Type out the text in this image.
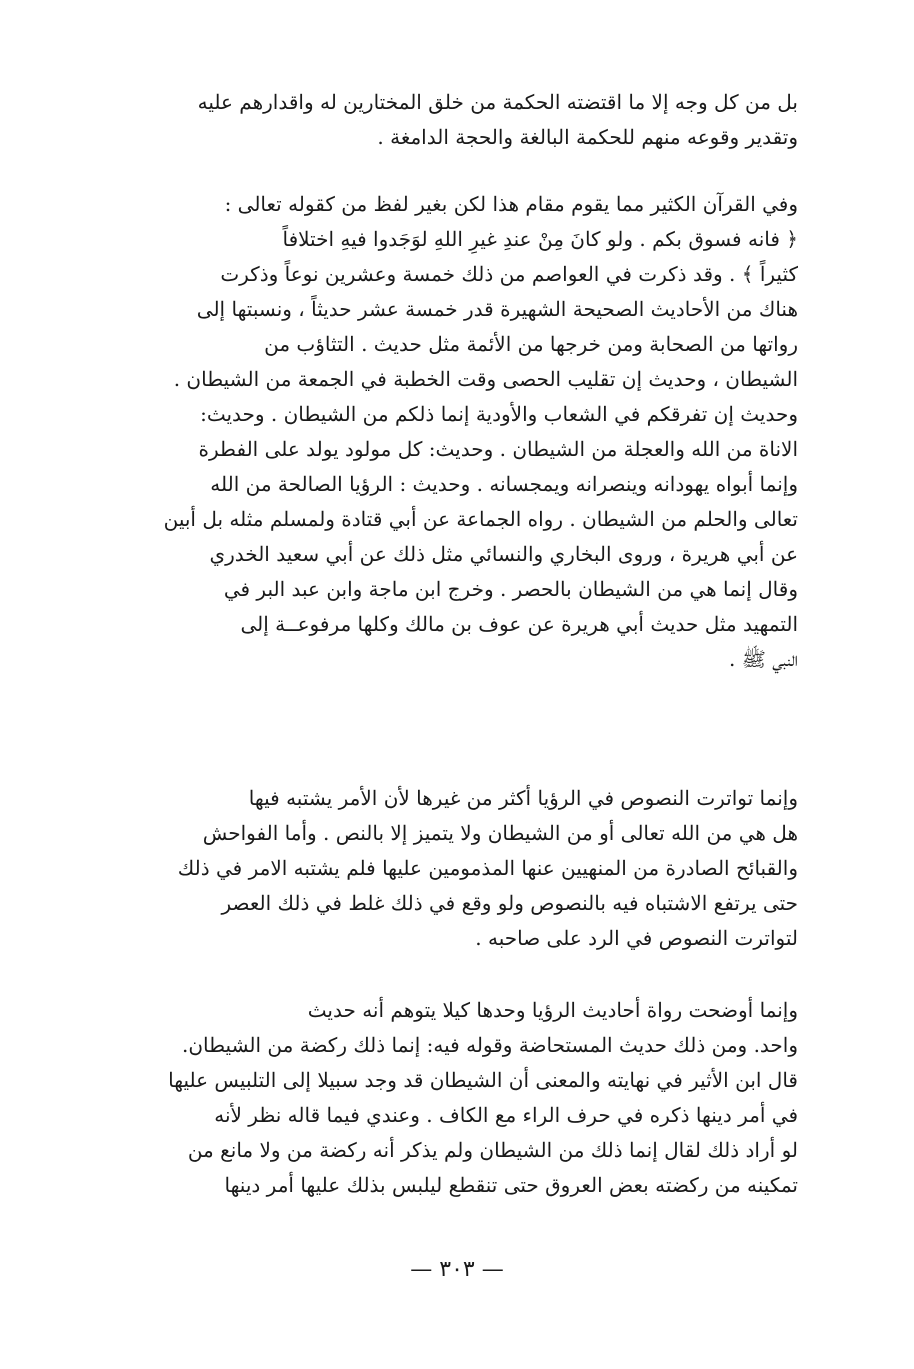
بل من كل وجه إلا ما اقتضته الحكمة من خلق المختارين له واقدارهم عليه
وتقدير وقوعه منهم للحكمة البالغة والحجة الدامغة .
وفي القرآن الكثير مما يقوم مقام هذا لكن بغير لفظ من كقوله تعالى :
﴿ فانه فسوق بكم . ولو كانَ مِنْ عندِ غيرِ اللهِ لوَجَدوا فيهِ اختلافاً
كثيراً ﴾ . وقد ذكرت في العواصم من ذلك خمسة وعشرين نوعاً وذكرت
هناك من الأحاديث الصحيحة الشهيرة قدر خمسة عشر حديثاً ، ونسبتها إلى
رواتها من الصحابة ومن خرجها من الأئمة مثل حديث . التثاؤب من
الشيطان ، وحديث إن تقليب الحصى وقت الخطبة في الجمعة من الشيطان .
وحديث إن تفرقكم في الشعاب والأودية إنما ذلكم من الشيطان . وحديث:
الاناة من الله والعجلة من الشيطان . وحديث: كل مولود يولد على الفطرة
وإنما أبواه يهودانه وينصرانه ويمجسانه . وحديث : الرؤيا الصالحة من الله
تعالى والحلم من الشيطان . رواه الجماعة عن أبي قتادة ولمسلم مثله بل أبين
عن أبي هريرة ، وروى البخاري والنسائي مثل ذلك عن أبي سعيد الخدري
وقال إنما هي من الشيطان بالحصر . وخرج ابن ماجة وابن عبد البر في
التمهيد مثل حديث أبي هريرة عن عوف بن مالك وكلها مرفوعــة إلى
النبي ﷺ .
وإنما تواترت النصوص في الرؤيا أكثر من غيرها لأن الأمر يشتبه فيها
هل هي من الله تعالى أو من الشيطان ولا يتميز إلا بالنص . وأما الفواحش
والقبائح الصادرة من المنهيين عنها المذمومين عليها فلم يشتبه الامر في ذلك
حتى يرتفع الاشتباه فيه بالنصوص ولو وقع في ذلك غلط في ذلك العصر
لتواترت النصوص في الرد على صاحبه .
وإنما أوضحت رواة أحاديث الرؤيا وحدها كيلا يتوهم أنه حديث
واحد. ومن ذلك حديث المستحاضة وقوله فيه: إنما ذلك ركضة من الشيطان.
قال ابن الأثير في نهايته والمعنى أن الشيطان قد وجد سبيلا إلى التلبيس عليها
في أمر دينها ذكره في حرف الراء مع الكاف . وعندي فيما قاله نظر لأنه
لو أراد ذلك لقال إنما ذلك من الشيطان ولم يذكر أنه ركضة من ولا مانع من
تمكينه من ركضته بعض العروق حتى تنقطع ليلبس بذلك عليها أمر دينها
— ٣٠٣ —
